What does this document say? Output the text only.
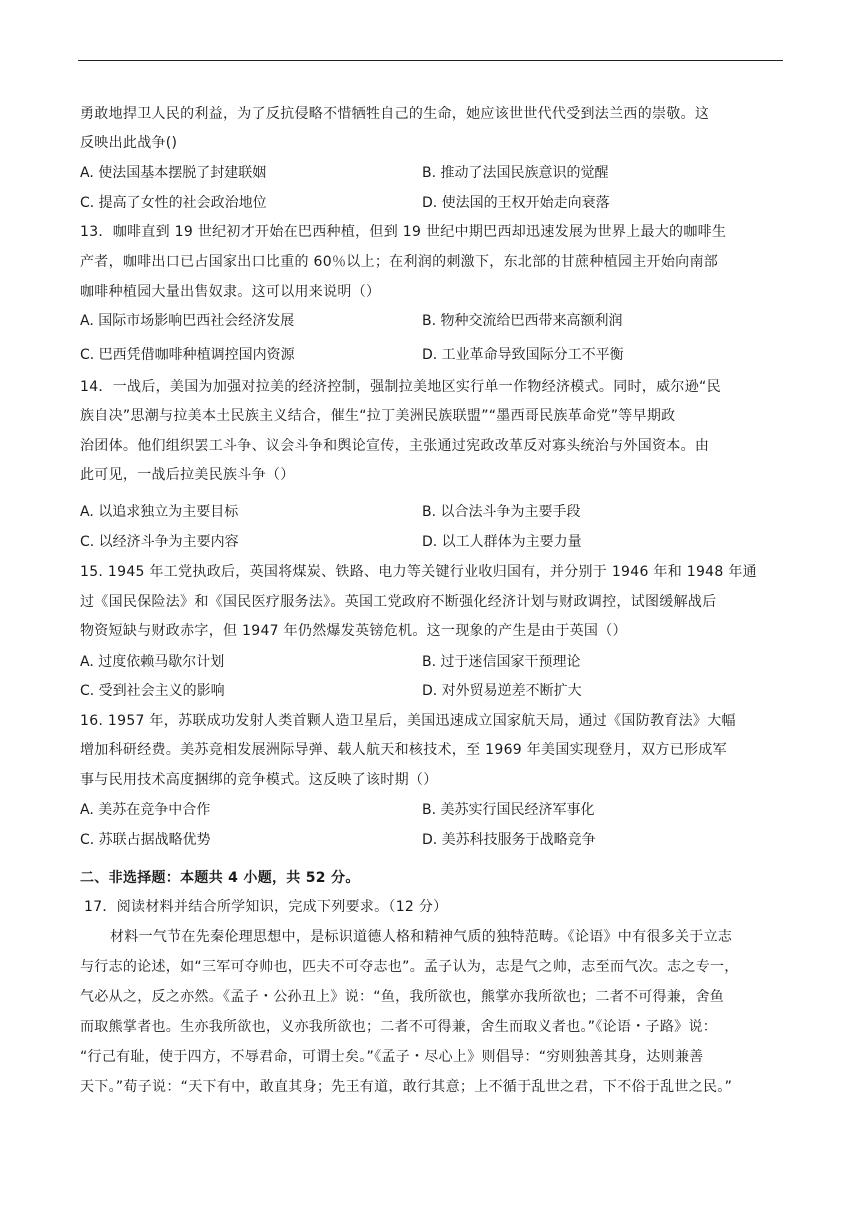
勇敢地捍卫人民的利益，为了反抗侵略不惜牺牲自己的生命，她应该世世代代受到法兰西的崇敬。这
反映出此战争()
A. 使法国基本摆脱了封建联姻	B. 推动了法国民族意识的觉醒
C. 提高了女性的社会政治地位	D. 使法国的王权开始走向衰落
13．咖啡直到 19 世纪初才开始在巴西种植，但到 19 世纪中期巴西却迅速发展为世界上最大的咖啡生
产者，咖啡出口已占国家出口比重的 60％以上；在利润的刺激下，东北部的甘蔗种植园主开始向南部
咖啡种植园大量出售奴隶。这可以用来说明（）
A. 国际市场影响巴西社会经济发展	B. 物种交流给巴西带来高额利润
C. 巴西凭借咖啡种植调控国内资源	D. 工业革命导致国际分工不平衡
14．一战后，美国为加强对拉美的经济控制，强制拉美地区实行单一作物经济模式。同时，威尔逊“民
族自决”思潮与拉美本土民族主义结合，催生“拉丁美洲民族联盟”“墨西哥民族革命党”等早期政
治团体。他们组织罢工斗争、议会斗争和舆论宣传，主张通过宪政改革反对寡头统治与外国资本。由
此可见，一战后拉美民族斗争（）
A. 以追求独立为主要目标	B. 以合法斗争为主要手段
C. 以经济斗争为主要内容	D. 以工人群体为主要力量
15. 1945 年工党执政后，英国将煤炭、铁路、电力等关键行业收归国有，并分别于 1946 年和 1948 年通
过《国民保险法》和《国民医疗服务法》。英国工党政府不断强化经济计划与财政调控，试图缓解战后
物资短缺与财政赤字，但 1947 年仍然爆发英镑危机。这一现象的产生是由于英国（）
A. 过度依赖马歇尔计划	B. 过于迷信国家干预理论
C. 受到社会主义的影响	D. 对外贸易逆差不断扩大
16. 1957 年，苏联成功发射人类首颗人造卫星后，美国迅速成立国家航天局，通过《国防教育法》大幅
增加科研经费。美苏竞相发展洲际导弹、载人航天和核技术，至 1969 年美国实现登月，双方已形成军
事与民用技术高度捆绑的竞争模式。这反映了该时期（）
A. 美苏在竞争中合作	B. 美苏实行国民经济军事化
C. 苏联占据战略优势	D. 美苏科技服务于战略竞争
二、非选择题：本题共 4 小题，共 52 分。
17．阅读材料并结合所学知识，完成下列要求。（12 分）
材料一气节在先秦伦理思想中，是标识道德人格和精神气质的独特范畴。《论语》中有很多关于立志
与行志的论述，如“三军可夺帅也，匹夫不可夺志也”。孟子认为，志是气之帅，志至而气次。志之专一，
气必从之，反之亦然。《孟子・公孙丑上》说：“鱼，我所欲也，熊掌亦我所欲也；二者不可得兼，舍鱼
而取熊掌者也。生亦我所欲也，义亦我所欲也；二者不可得兼，舍生而取义者也。”《论语・子路》说：
“行己有耻，使于四方，不辱君命，可谓士矣。”《孟子・尽心上》则倡导：“穷则独善其身，达则兼善
天下。”荀子说：“天下有中，敢直其身；先王有道，敢行其意；上不循于乱世之君，下不俗于乱世之民。”
